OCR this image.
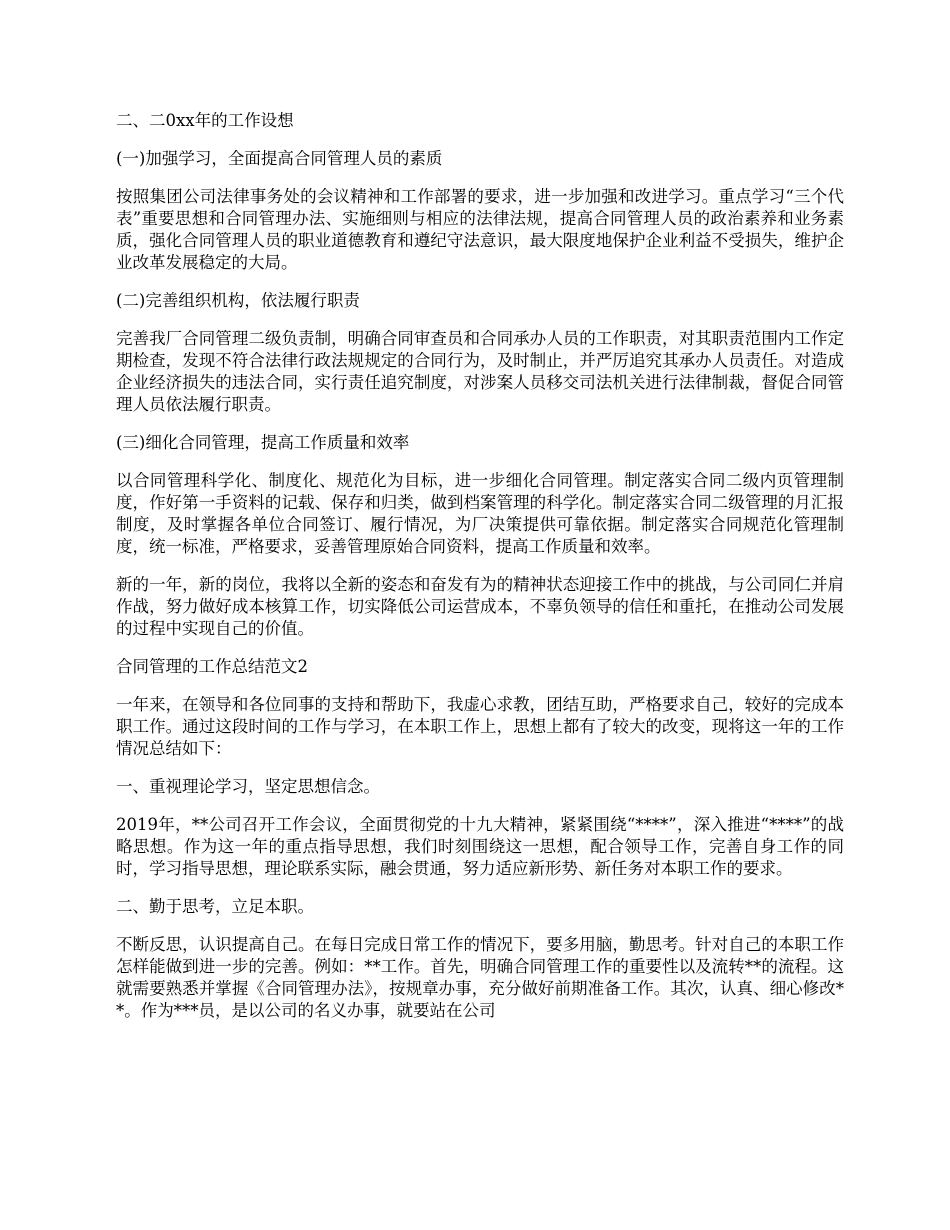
二、二0xx年的工作设想

(一)加强学习，全面提高合同管理人员的素质

按照集团公司法律事务处的会议精神和工作部署的要求，进一步加强和改进学习。重点学习“三个代表”重要思想和合同管理办法、实施细则与相应的法律法规，提高合同管理人员的政治素养和业务素质，强化合同管理人员的职业道德教育和遵纪守法意识，最大限度地保护企业利益不受损失，维护企业改革发展稳定的大局。

(二)完善组织机构，依法履行职责

完善我厂合同管理二级负责制，明确合同审查员和合同承办人员的工作职责，对其职责范围内工作定期检查，发现不符合法律行政法规规定的合同行为，及时制止，并严厉追究其承办人员责任。对造成企业经济损失的违法合同，实行责任追究制度，对涉案人员移交司法机关进行法律制裁，督促合同管理人员依法履行职责。

(三)细化合同管理，提高工作质量和效率

以合同管理科学化、制度化、规范化为目标，进一步细化合同管理。制定落实合同二级内页管理制度，作好第一手资料的记载、保存和归类，做到档案管理的科学化。制定落实合同二级管理的月汇报制度，及时掌握各单位合同签订、履行情况，为厂决策提供可靠依据。制定落实合同规范化管理制度，统一标准，严格要求，妥善管理原始合同资料，提高工作质量和效率。

新的一年，新的岗位，我将以全新的姿态和奋发有为的精神状态迎接工作中的挑战，与公司同仁并肩作战，努力做好成本核算工作，切实降低公司运营成本，不辜负领导的信任和重托，在推动公司发展的过程中实现自己的价值。

合同管理的工作总结范文2

一年来，在领导和各位同事的支持和帮助下，我虚心求教，团结互助，严格要求自己，较好的完成本职工作。通过这段时间的工作与学习，在本职工作上，思想上都有了较大的改变，现将这一年的工作情况总结如下：

一、重视理论学习，坚定思想信念。

2019年，**公司召开工作会议，全面贯彻党的十九大精神，紧紧围绕“****”，深入推进“****”的战略思想。作为这一年的重点指导思想，我们时刻围绕这一思想，配合领导工作，完善自身工作的同时，学习指导思想，理论联系实际，融会贯通，努力适应新形势、新任务对本职工作的要求。

二、勤于思考，立足本职。

不断反思，认识提高自己。在每日完成日常工作的情况下，要多用脑，勤思考。针对自己的本职工作怎样能做到进一步的完善。例如：**工作。首先，明确合同管理工作的重要性以及流转**的流程。这就需要熟悉并掌握《合同管理办法》，按规章办事，充分做好前期准备工作。其次，认真、细心修改**。作为***员，是以公司的名义办事，就要站在公司
